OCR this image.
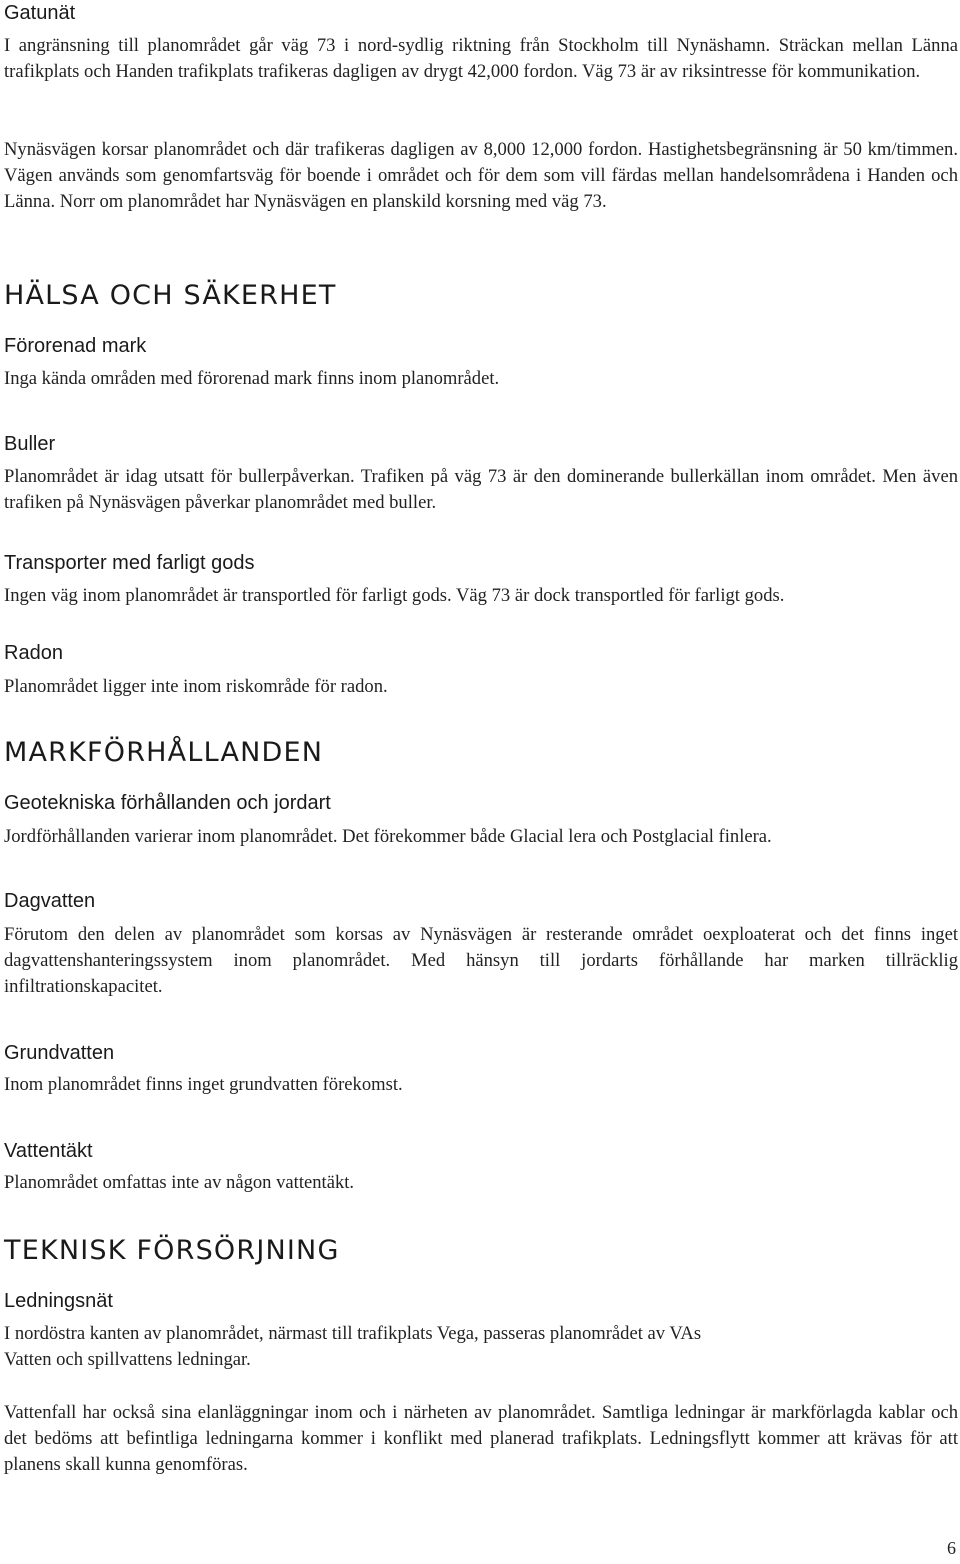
Gatunät

I angränsning till planområdet går väg 73 i nord-sydlig riktning från Stockholm till Nynäshamn. Sträckan mellan Länna trafikplats och Handen trafikplats trafikeras dagligen av drygt 42,000 fordon. Väg 73 är av riksintresse för kommunikation.

Nynäsvägen korsar planområdet och där trafikeras dagligen av 8,000 12,000 fordon. Hastighetsbegränsning är 50 km/timmen. Vägen används som genomfartsväg för boende i området och för dem som vill färdas mellan handelsområdena i Handen och Länna. Norr om planområdet har Nynäsvägen en planskild korsning med väg 73.

HÄLSA OCH SÄKERHET
Förorenad mark

Inga kända områden med förorenad mark finns inom planområdet.

Buller

Planområdet är idag utsatt för bullerpåverkan. Trafiken på väg 73 är den dominerande bullerkällan inom området. Men även trafiken på Nynäsvägen påverkar planområdet med buller.

Transporter med farligt gods

Ingen väg inom planområdet är transportled för farligt gods. Väg 73 är dock transportled för farligt gods.

Radon

Planområdet ligger inte inom riskområde för radon.

MARKFÖRHÅLLANDEN
Geotekniska förhållanden och jordart

Jordförhållanden varierar inom planområdet. Det förekommer både Glacial lera och Postglacial finlera.

Dagvatten

Förutom den delen av planområdet som korsas av Nynäsvägen är resterande området oexploaterat och det finns inget dagvattenshanteringssystem inom planområdet. Med hänsyn till jordarts förhållande har marken tillräcklig infiltrationskapacitet.

Grundvatten

Inom planområdet finns inget grundvatten förekomst.

Vattentäkt

Planområdet omfattas inte av någon vattentäkt.

TEKNISK FÖRSÖRJNING
Ledningsnät

I nordöstra kanten av planområdet, närmast till trafikplats Vega, passeras planområdet av VAs

Vatten och spillvattens ledningar.

Vattenfall har också sina elanläggningar inom och i närheten av planområdet. Samtliga ledningar är markförlagda kablar och det bedöms att befintliga ledningarna kommer i konflikt med planerad trafikplats. Ledningsflytt kommer att krävas för att planens skall kunna genomföras.

6
